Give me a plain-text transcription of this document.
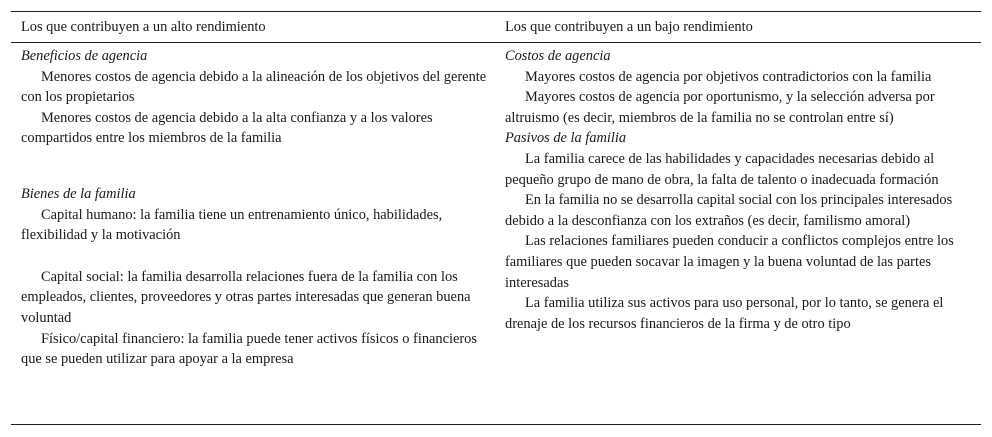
Los que contribuyen a un alto rendimiento	Los que contribuyen a un bajo rendimiento
Beneficios de agencia
Menores costos de agencia debido a la alineación de los objetivos del gerente con los propietarios
Menores costos de agencia debido a la alta confianza y a los valores compartidos entre los miembros de la familia
Bienes de la familia
Capital humano: la familia tiene un entrenamiento único, habilidades, flexibilidad y la motivación
Capital social: la familia desarrolla relaciones fuera de la familia con los empleados, clientes, proveedores y otras partes interesadas que generan buena voluntad
Físico/capital financiero: la familia puede tener activos físicos o financieros que se pueden utilizar para apoyar a la empresa
Costos de agencia
Mayores costos de agencia por objetivos contradictorios con la familia
Mayores costos de agencia por oportunismo, y la selección adversa por altruismo (es decir, miembros de la familia no se controlan entre sí)
Pasivos de la familia
La familia carece de las habilidades y capacidades necesarias debido al pequeño grupo de mano de obra, la falta de talento o inadecuada formación
En la familia no se desarrolla capital social con los principales interesados debido a la desconfianza con los extraños (es decir, familismo amoral)
Las relaciones familiares pueden conducir a conflictos complejos entre los familiares que pueden socavar la imagen y la buena voluntad de las partes interesadas
La familia utiliza sus activos para uso personal, por lo tanto, se genera el drenaje de los recursos financieros de la firma y de otro tipo
